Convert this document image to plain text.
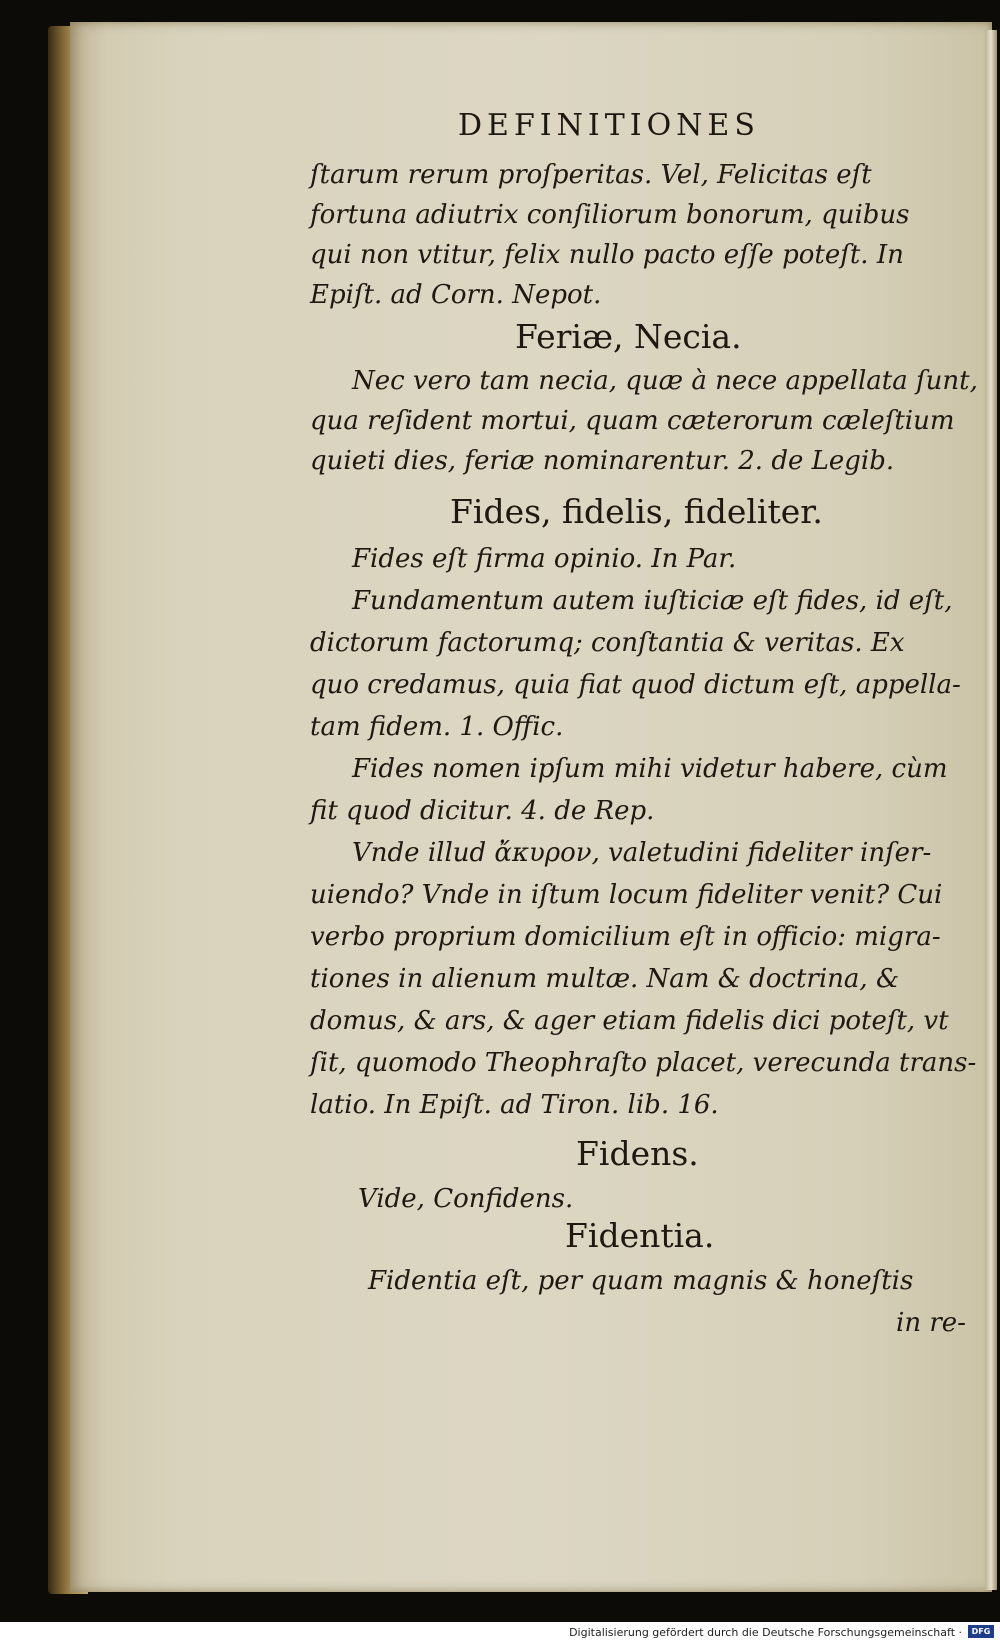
DEFINITIONES
ſtarum rerum proſperitas. Vel, Felicitas eſt
fortuna adiutrix conſiliorum bonorum, quibus
qui non vtitur, felix nullo pacto eſſe poteſt. In
Epiſt. ad Corn. Nepot.
Feriæ, Necia.
Nec vero tam necia, quæ à nece appellata ſunt,
qua reſident mortui, quam cæterorum cæleſtium
quieti dies, feriæ nominarentur. 2. de Legib.
Fides, fidelis, fideliter.
Fides eſt firma opinio. In Par.
Fundamentum autem iuſticiæ eſt fides, id eſt,
dictorum factorumq; conſtantia & veritas. Ex
quo credamus, quia fiat quod dictum eſt, appella-
tam fidem. 1. Offic.
Fides nomen ipſum mihi videtur habere, cùm
fit quod dicitur. 4. de Rep.
Vnde illud ἄκυρον, valetudini fideliter inſer-
uiendo? Vnde in iſtum locum fideliter venit? Cui
verbo proprium domicilium eſt in officio: migra-
tiones in alienum multæ. Nam & doctrina, &
domus, & ars, & ager etiam fidelis dici poteſt, vt
ſit, quomodo Theophraſto placet, verecunda trans-
latio. In Epiſt. ad Tiron. lib. 16.
Fidens.
Vide, Confidens.
Fidentia.
Fidentia eſt, per quam magnis & honeſtis
in re-
Digitalisierung gefördert durch die Deutsche Forschungsgemeinschaft ·	DFG
